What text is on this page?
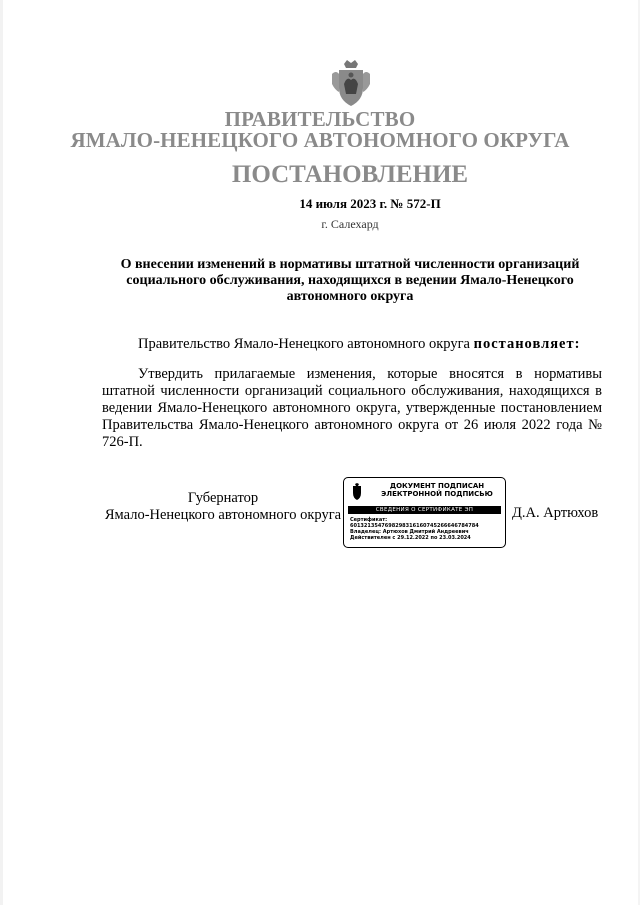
ПРАВИТЕЛЬСТВО
ЯМАЛО-НЕНЕЦКОГО АВТОНОМНОГО ОКРУГА
ПОСТАНОВЛЕНИЕ
14 июля 2023 г. № 572-П
г. Салехард
О внесении изменений в нормативы штатной численности организаций социального обслуживания, находящихся в ведении Ямало-Ненецкого автономного округа
Правительство Ямало-Ненецкого автономного округа постановляет:
Утвердить прилагаемые изменения, которые вносятся в нормативы штатной численности организаций социального обслуживания, находящихся в ведении Ямало-Ненецкого автономного округа, утвержденные постановлением Правительства Ямало-Ненецкого автономного округа от 26 июля 2022 года № 726-П.
Губернатор
Ямало-Ненецкого автономного округа
ДОКУМЕНТ ПОДПИСАН
ЭЛЕКТРОННОЙ ПОДПИСЬЮ
СВЕДЕНИЯ О СЕРТИФИКАТЕ ЭП
Сертификат:
6013213547698298316160745266646784784
Владелец: Артюхов Дмитрий Андреевич
Действителен с 29.12.2022 по 23.03.2024
Д.А. Артюхов
